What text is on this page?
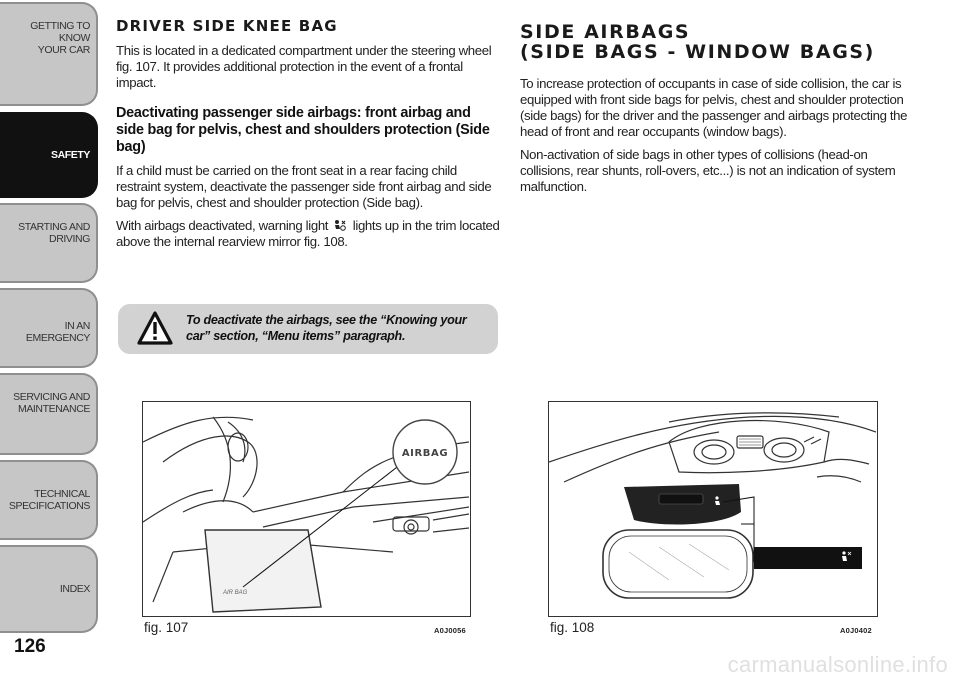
GETTING TO KNOW
YOUR CAR
SAFETY
STARTING AND
DRIVING
IN AN EMERGENCY
SERVICING AND
MAINTENANCE
TECHNICAL
SPECIFICATIONS
INDEX
126
DRIVER SIDE KNEE BAG

This is located in a dedicated compartment under the steering wheel fig. 107. It provides additional protection in the event of a frontal impact.

Deactivating passenger side airbags: front airbag and side bag for pelvis, chest and shoulders protection (Side bag)

If a child must be carried on the front seat in a rear facing child restraint system, deactivate the passenger side front airbag and side bag for pelvis, chest and shoulder protection (Side bag).

With airbags deactivated, warning light lights up in the trim located above the internal rearview mirror fig. 108.

To deactivate the airbags, see the “Knowing your car” section, “Menu items” paragraph.
SIDE AIRBAGS
(SIDE BAGS - WINDOW BAGS)

To increase protection of occupants in case of side collision, the car is equipped with front side bags for pelvis, chest and shoulder protection (side bags) for the driver and the passenger and airbags protecting the head of front and rear occupants (window bags).

Non-activation of side bags in other types of collisions (head-on collisions, rear shunts, roll-overs, etc...) is not an indication of system malfunction.

AIR BAG
AIRBAG
fig. 107	A0J0056	fig. 108	A0J0402
carmanualsonline.info
